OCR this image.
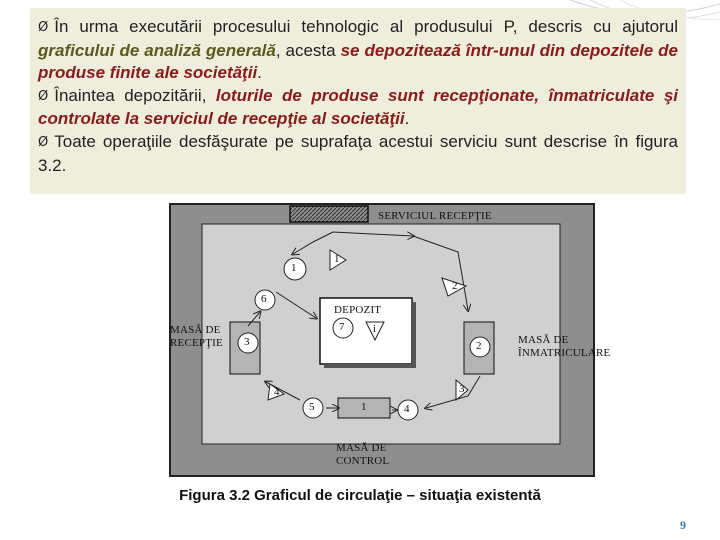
Ø În urma executării procesului tehnologic al produsului P, descris cu ajutorul graficului de analiză generală, acesta se depozitează într-unul din depozitele de produse finite ale societăţii.

Ø Înaintea depozitării, loturile de produse sunt recepţionate, înmatriculate şi controlate la serviciul de recepţie al societăţii.

Ø Toate operaţiile desfăşurate pe suprafaţa acestui serviciu sunt descrise în figura 3.2.

SERVICIUL RECEPŢIE
DEPOZIT
MASĂ DE RECEPŢIE	MASĂ DE ÎNMATRICULARE
MASĂ DE CONTROL
1
2
3
4
5
6
7
1
2
3
4
i
1
Figura 3.2 Graficul de circulaţie – situaţia existentă
9
